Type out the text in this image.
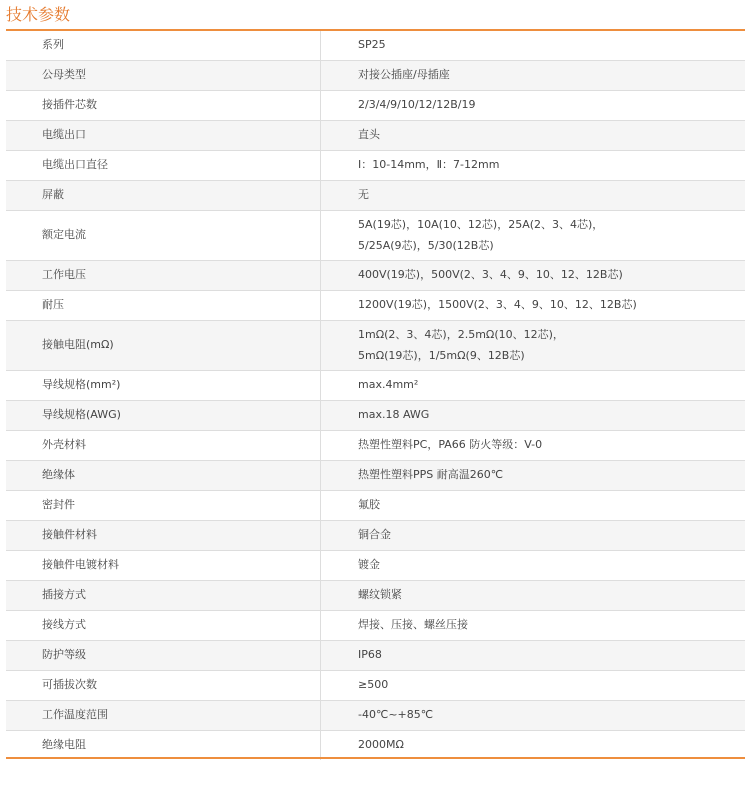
技术参数
系列	SP25

公母类型	对接公插座/母插座

接插件芯数	2/3/4/9/10/12/12B/19

电缆出口	直头

电缆出口直径	Ⅰ：10-14mm，Ⅱ：7-12mm

屏蔽	无

额定电流	5A(19芯)，10A(10、12芯)，25A(2、3、4芯)，
5/25A(9芯)，5/30(12B芯)

工作电压	400V(19芯)，500V(2、3、4、9、10、12、12B芯)

耐压	1200V(19芯)，1500V(2、3、4、9、10、12、12B芯)

接触电阻(mΩ)	1mΩ(2、3、4芯)，2.5mΩ(10、12芯)，
5mΩ(19芯)，1/5mΩ(9、12B芯)

导线规格(mm²)	max.4mm²

导线规格(AWG)	max.18 AWG

外壳材料	热塑性塑料PC，PA66 防火等级：V-0

绝缘体	热塑性塑料PPS 耐高温260℃

密封件	氟胶

接触件材料	铜合金

接触件电镀材料	镀金

插接方式	螺纹锁紧

接线方式	焊接、压接、螺丝压接

防护等级	IP68

可插拔次数	≥500

工作温度范围	-40℃~+85℃

绝缘电阻	2000MΩ
